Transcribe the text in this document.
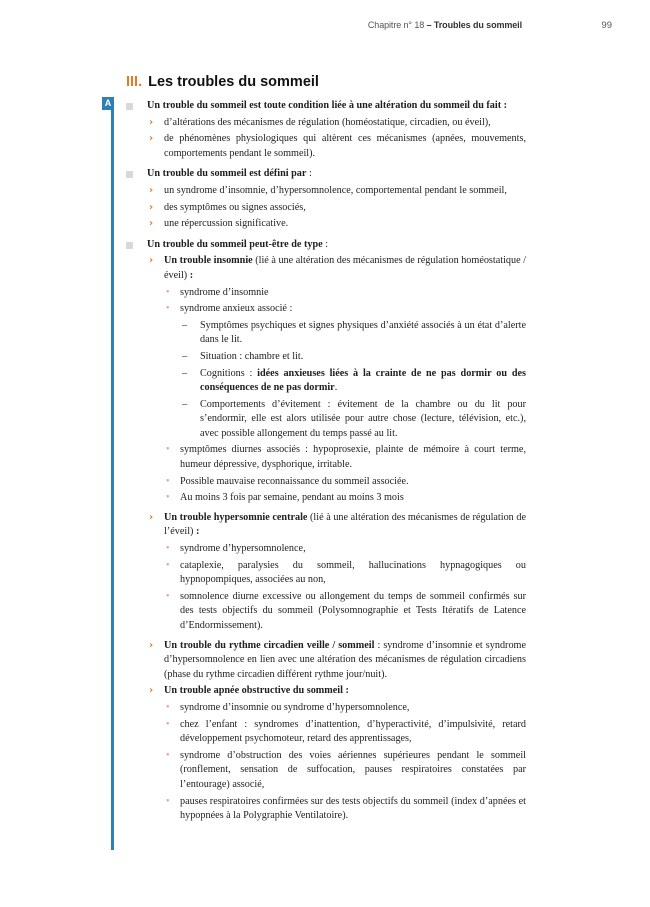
Chapitre n° 18 – Troubles du sommeil	99
III. Les troubles du sommeil
A	Un trouble du sommeil est toute condition liée à une altération du sommeil du fait :
› d’altérations des mécanismes de régulation (homéostatique, circadien, ou éveil),
› de phénomènes physiologiques qui altèrent ces mécanismes (apnées, mouvements, comportements pendant le sommeil).
Un trouble du sommeil est défini par :
› un syndrome d’insomnie, d’hypersomnolence, comportemental pendant le sommeil,
› des symptômes ou signes associés,
› une répercussion significative.
Un trouble du sommeil peut-être de type :
› Un trouble insomnie (lié à une altération des mécanismes de régulation homéostatique / éveil) :
• syndrome d’insomnie
• syndrome anxieux associé :
– Symptômes psychiques et signes physiques d’anxiété associés à un état d’alerte dans le lit.
– Situation : chambre et lit.
– Cognitions : idées anxieuses liées à la crainte de ne pas dormir ou des conséquences de ne pas dormir.
– Comportements d’évitement : évitement de la chambre ou du lit pour s’endormir, elle est alors utilisée pour autre chose (lecture, télévision, etc.), avec possible allongement du temps passé au lit.
• symptômes diurnes associés : hypoprosexie, plainte de mémoire à court terme, humeur dépressive, dysphorique, irritable.
• Possible mauvaise reconnaissance du sommeil associée.
• Au moins 3 fois par semaine, pendant au moins 3 mois
› Un trouble hypersomnie centrale (lié à une altération des mécanismes de régulation de l’éveil) :
• syndrome d’hypersomnolence,
• cataplexie, paralysies du sommeil, hallucinations hypnagogiques ou hypnopompiques, associées au non,
• somnolence diurne excessive ou allongement du temps de sommeil confirmés sur des tests objectifs du sommeil (Polysomnographie et Tests Itératifs de Latence d’Endormissement).
› Un trouble du rythme circadien veille / sommeil : syndrome d’insomnie et syndrome d’hypersomnolence en lien avec une altération des mécanismes de régulation circadiens (phase du rythme circadien différent rythme jour/nuit).
› Un trouble apnée obstructive du sommeil :
• syndrome d’insomnie ou syndrome d’hypersomnolence,
• chez l’enfant : syndromes d’inattention, d’hyperactivité, d’impulsivité, retard développement psychomoteur, retard des apprentissages,
• syndrome d’obstruction des voies aériennes supérieures pendant le sommeil (ronflement, sensation de suffocation, pauses respiratoires constatées par l’entourage) associé,
• pauses respiratoires confirmées sur des tests objectifs du sommeil (index d’apnées et hypopnées à la Polygraphie Ventilatoire).
